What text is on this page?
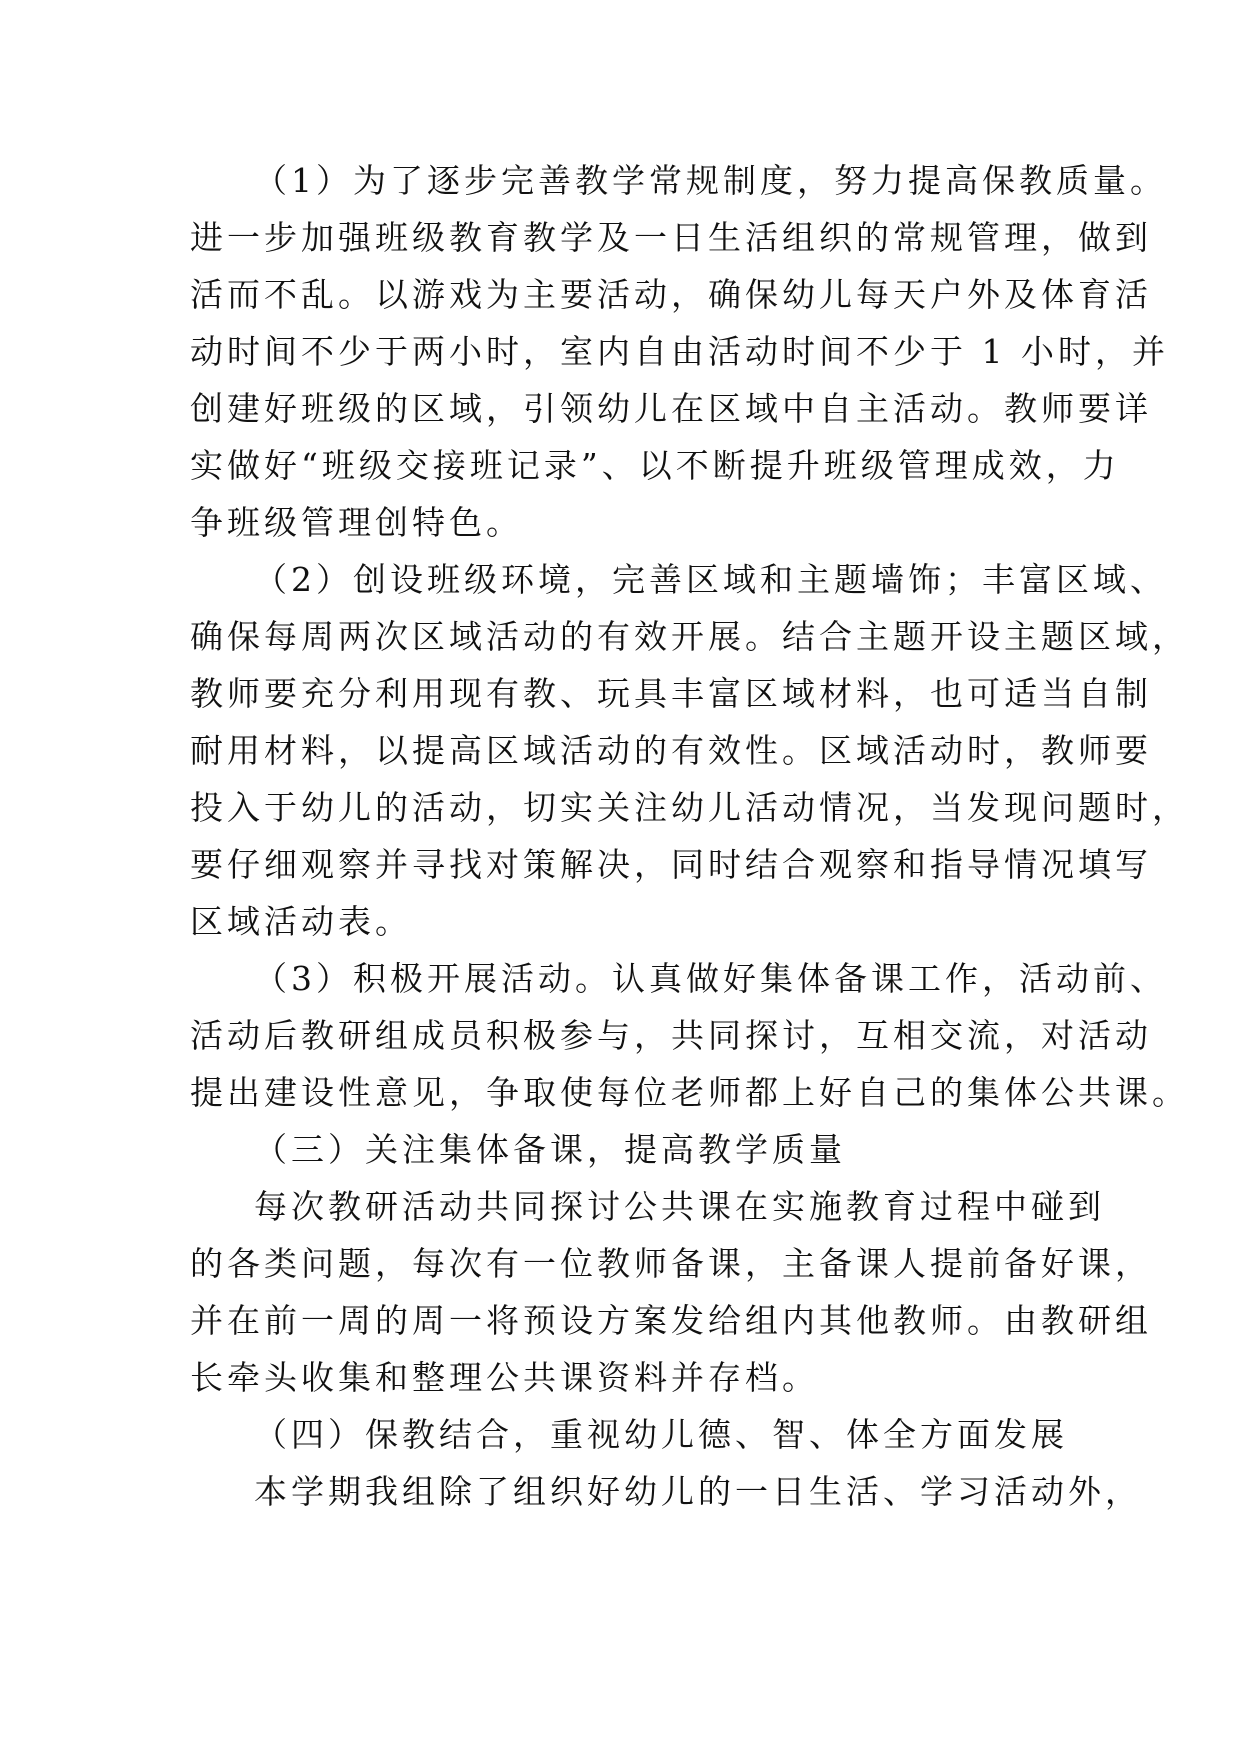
（1）为了逐步完善教学常规制度，努力提高保教质量。
进一步加强班级教育教学及一日生活组织的常规管理，做到
活而不乱。以游戏为主要活动，确保幼儿每天户外及体育活
动时间不少于两小时，室内自由活动时间不少于 1 小时，并
创建好班级的区域，引领幼儿在区域中自主活动。教师要详
实做好“班级交接班记录”、以不断提升班级管理成效，力
争班级管理创特色。
（2）创设班级环境，完善区域和主题墙饰；丰富区域、
确保每周两次区域活动的有效开展。结合主题开设主题区域，
教师要充分利用现有教、玩具丰富区域材料，也可适当自制
耐用材料，以提高区域活动的有效性。区域活动时，教师要
投入于幼儿的活动，切实关注幼儿活动情况，当发现问题时，
要仔细观察并寻找对策解决，同时结合观察和指导情况填写
区域活动表。
（3）积极开展活动。认真做好集体备课工作，活动前、
活动后教研组成员积极参与，共同探讨，互相交流，对活动
提出建设性意见，争取使每位老师都上好自己的集体公共课。
（三）关注集体备课，提高教学质量
每次教研活动共同探讨公共课在实施教育过程中碰到
的各类问题，每次有一位教师备课，主备课人提前备好课，
并在前一周的周一将预设方案发给组内其他教师。由教研组
长牵头收集和整理公共课资料并存档。
（四）保教结合，重视幼儿德、智、体全方面发展
本学期我组除了组织好幼儿的一日生活、学习活动外，
